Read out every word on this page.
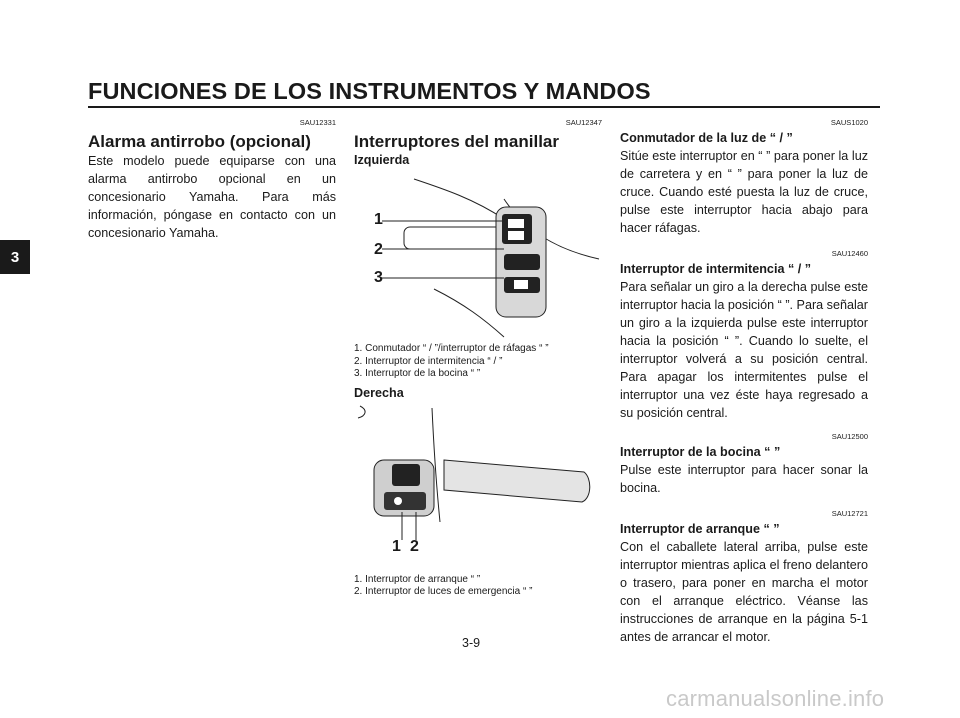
FUNCIONES DE LOS INSTRUMENTOS Y MANDOS
3
SAU12331
Alarma antirrobo (opcional)
Este modelo puede equiparse con una alarma antirrobo opcional en un concesionario Yamaha. Para más información, póngase en contacto con un concesionario Yamaha.
SAU12347
Interruptores del manillar
Izquierda
1
2
3
1. Conmutador “ / ”/interruptor de ráfagas “ ”
2. Interruptor de intermitencia “ / ”
3. Interruptor de la bocina “ ”
Derecha
1 2
1. Interruptor de arranque “ ”
2. Interruptor de luces de emergencia “ ”
SAUS1020
Conmutador de la luz de “ / ”
Sitúe este interruptor en “ ” para poner la luz de carretera y en “ ” para poner la luz de cruce. Cuando esté puesta la luz de cruce, pulse este interruptor hacia abajo para hacer ráfagas.
SAU12460
Interruptor de intermitencia “ / ”
Para señalar un giro a la derecha pulse este interruptor hacia la posición “ ”. Para señalar un giro a la izquierda pulse este interruptor hacia la posición “ ”. Cuando lo suelte, el interruptor volverá a su posición central. Para apagar los intermitentes pulse el interruptor una vez éste haya regresado a su posición central.
SAU12500
Interruptor de la bocina “ ”
Pulse este interruptor para hacer sonar la bocina.
SAU12721
Interruptor de arranque “ ”
Con el caballete lateral arriba, pulse este interruptor mientras aplica el freno delantero o trasero, para poner en marcha el motor con el arranque eléctrico. Véanse las instrucciones de arranque en la página 5-1 antes de arrancar el motor.
3-9
carmanualsonline.info
